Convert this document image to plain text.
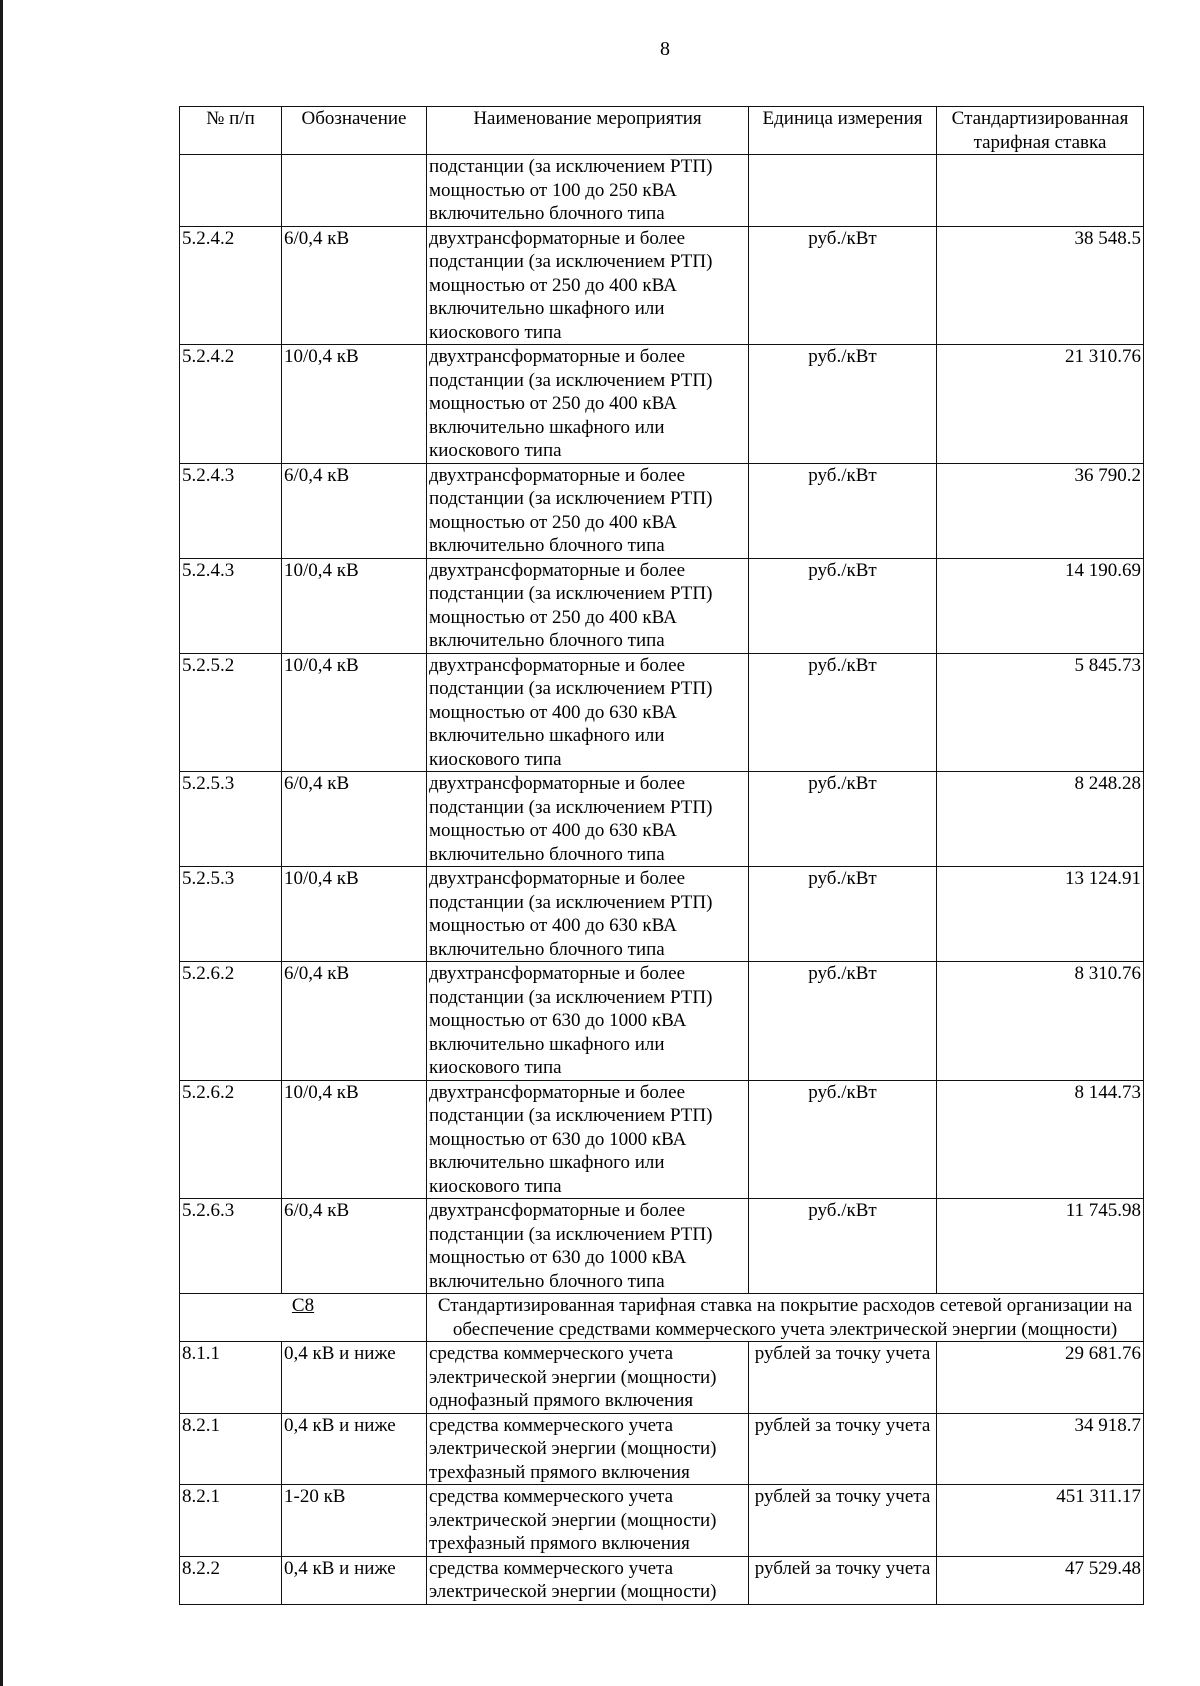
8
№ п/п	Обозначение	Наименование мероприятия	Единица измерения	Стандартизированная тарифная ставка
		подстанции (за исключением РТП) мощностью от 100 до 250 кВА включительно блочного типа		
5.2.4.2	6/0,4 кВ	двухтрансформаторные и более подстанции (за исключением РТП) мощностью от 250 до 400 кВА включительно шкафного или киоскового типа	руб./кВт	38 548.5
5.2.4.2	10/0,4 кВ	двухтрансформаторные и более подстанции (за исключением РТП) мощностью от 250 до 400 кВА включительно шкафного или киоскового типа	руб./кВт	21 310.76
5.2.4.3	6/0,4 кВ	двухтрансформаторные и более подстанции (за исключением РТП) мощностью от 250 до 400 кВА включительно блочного типа	руб./кВт	36 790.2
5.2.4.3	10/0,4 кВ	двухтрансформаторные и более подстанции (за исключением РТП) мощностью от 250 до 400 кВА включительно блочного типа	руб./кВт	14 190.69
5.2.5.2	10/0,4 кВ	двухтрансформаторные и более подстанции (за исключением РТП) мощностью от 400 до 630 кВА включительно шкафного или киоскового типа	руб./кВт	5 845.73
5.2.5.3	6/0,4 кВ	двухтрансформаторные и более подстанции (за исключением РТП) мощностью от 400 до 630 кВА включительно блочного типа	руб./кВт	8 248.28
5.2.5.3	10/0,4 кВ	двухтрансформаторные и более подстанции (за исключением РТП) мощностью от 400 до 630 кВА включительно блочного типа	руб./кВт	13 124.91
5.2.6.2	6/0,4 кВ	двухтрансформаторные и более подстанции (за исключением РТП) мощностью от 630 до 1000 кВА включительно шкафного или киоскового типа	руб./кВт	8 310.76
5.2.6.2	10/0,4 кВ	двухтрансформаторные и более подстанции (за исключением РТП) мощностью от 630 до 1000 кВА включительно шкафного или киоскового типа	руб./кВт	8 144.73
5.2.6.3	6/0,4 кВ	двухтрансформаторные и более подстанции (за исключением РТП) мощностью от 630 до 1000 кВА включительно блочного типа	руб./кВт	11 745.98
C8		Стандартизированная тарифная ставка на покрытие расходов сетевой организации на обеспечение средствами коммерческого учета электрической энергии (мощности)		
8.1.1	0,4 кВ и ниже	средства коммерческого учета электрической энергии (мощности) однофазный прямого включения	рублей за точку учета	29 681.76
8.2.1	0,4 кВ и ниже	средства коммерческого учета электрической энергии (мощности) трехфазный прямого включения	рублей за точку учета	34 918.7
8.2.1	1-20 кВ	средства коммерческого учета электрической энергии (мощности) трехфазный прямого включения	рублей за точку учета	451 311.17
8.2.2	0,4 кВ и ниже	средства коммерческого учета электрической энергии (мощности)	рублей за точку учета	47 529.48
